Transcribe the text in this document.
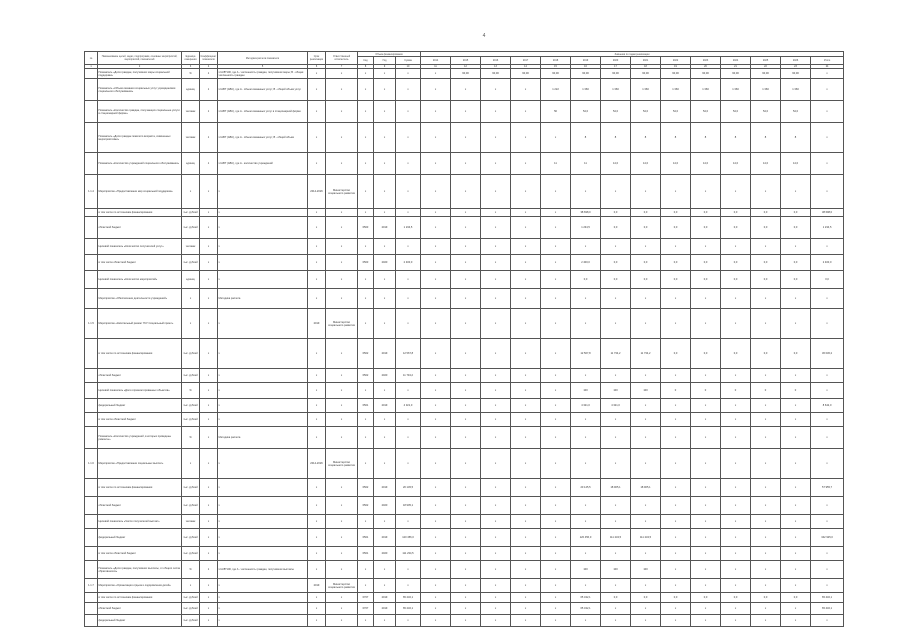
4
№	Наименование целей, задач, подпрограмм, основных мероприятий, мероприятий, показателей	Единица измерения	Коэффициент показателя	Методика расчета показателя	Срок реализации	Ответственный исполнитель	Объем финансирования			Значения по годам реализации													
							Код	Год	Сумма	2014	2015	2016	2017	2018	2019	2020	2021	2022	2023	2024	2025	2026	Итого
1	2	3	4	5	6	7	8	9	10	11	12	13	14	15	16	17	18	19	20	21	22	23	24
	Показатель «Доля граждан, получивших меры социальной поддержки»	%	1	x=A/B*100, где A - численность граждан, получивших меры; B - общая численность граждан	x	x	x	x	x	x	90,00	90,00	90,00	90,00	90,00	90,00	90,00	90,00	90,00	90,00	90,00	90,00	x
	Показатель «Объем оказания социальных услуг учреждениями социального обслуживания»	единиц	1	x=ABT (ABC), где A - объем оказанных услуг; B - общий объем услуг	x	x	x	x	x	x	x	x	x	1 222	1 360	1 360	1 360	1 360	1 360	1 360	1 360	1 360	x
	Показатель «Количество граждан, получающих социальные услуги в стационарной форме»	человек	1	x=ABT (ABC), где A - объем оказанных услуг в стационарной форме	x	x	x	x	x	x	x	x	x	50	54,0	54,0	54,0	54,0	54,0	54,0	54,0	54,0	x
	Показатель «Доля граждан пожилого возраста, охваченных мероприятиями»	человек	1	x=ABT (ABC), где A - объем оказанных услуг; B - общий объем	x	x	x	x	x	x	x	x	x	x	8	8	8	8	8	8	8	8	x
	Показатель «Количество учреждений социального обслуживания»	единиц	1	x=ABT (ABC), где A - количество учреждений	x	x	x	x	x	x	x	x	x	11	11	14,0	14,0	14,0	14,0	14,0	14,0	14,0	x
1.1.4	Мероприятие «Предоставление мер социальной поддержки»	x	x	x	2014-2026	Министерство социального развития	x	x	x	x	x	x	x	x	x	x	x	x	x	x	x	x	x
	в том числе по источникам финансирования	тыс. рублей	x	x	x	x	x	x	x	x	x	x	x	x	38 698,0	0,0	0,0	0,0	0,0	0,0	0,0	0,0	38 698,0
	областной бюджет	тыс. рублей	x	x	x	x	0503	2019	1 234,5	x	x	x	x	x	1 234,5	0,0	0,0	0,0	0,0	0,0	0,0	0,0	1 234,5
	Целевой показатель «Количество получателей услуг»	человек	x	x	x	x	x	x	x	x	x	x	x	x	x	x	x	x	x	x	x	x	x
	в том числе областной бюджет	тыс. рублей	x	x	x	x	0503	2020	2 400,0	x	x	x	x	x	2 400,0	0,0	0,0	0,0	0,0	0,0	0,0	0,0	2 400,0
	Целевой показатель «Количество мероприятий»	единиц	x	x	x	x	x	x	x	x	x	x	x	x	0,0	0,0	0,0	0,0	0,0	0,0	0,0	0,0	0,0
	Мероприятие «Обеспечение деятельности учреждений»	x	x	Методика расчета	x	x	x	x	x	x	x	x	x	x	x	x	x	x	x	x	x	x	x
1.1.5	Мероприятие «Капитальный ремонт ГКУ Социальный приют»	x	x	x	2019	Министерство социального развития	x	x	x	x	x	x	x	x	x	x	x	x	x	x	x	x	x
	в том числе по источникам финансирования	тыс. рублей	x	x	x	x	0502	2019	12 567,8	x	x	x	x	x	12 567,8	11 734,2	11 734,2	0,0	0,0	0,0	0,0	0,0	36 036,2
	областной бюджет	тыс. рублей	x	x	x	x	0502	2020	11 734,2	x	x	x	x	x	x	x	x	x	x	x	x	x	x
	Целевой показатель «Доля отремонтированных объектов»	%	x	x	x	x	x	x	x	x	x	x	x	x	100	100	100	0	0	0	0	0	x
	федеральный бюджет	тыс. рублей	x	x	x	x	0501	2019	4 321,0	x	x	x	x	x	4 321,0	4 321,0	x	x	x	x	x	x	8 642,0
	в том числе областной бюджет	тыс. рублей	x	x	x	x	x	x	x	x	x	x	x	x	x	x	x	x	x	x	x	x	x
	Показатель «Количество учреждений, в которых проведены ремонты»	%	x	Методика расчета	x	x	x	x	x	x	x	x	x	x	x	x	x	x	x	x	x	x	x
1.1.6	Мероприятие «Предоставление социальных выплат»	x	x	x	2014-2026	Министерство социального развития	x	x	x	x	x	x	x	x	x	x	x	x	x	x	x	x	x
	в том числе по источникам финансирования	тыс. рублей	x	x	x	x	0502	2019	20 145,5	x	x	x	x	x	20 145,5	18 905,1	18 905,1	x	x	x	x	x	57 955,7
	областной бюджет	тыс. рублей	x	x	x	x	0502	2020	18 905,1	x	x	x	x	x	x	x	x	x	x	x	x	x	x
	Целевой показатель «Число получателей выплат»	человек	x	x	x	x	x	x	x	x	x	x	x	x	x	x	x	x	x	x	x	x	x
	федеральный бюджет	тыс. рублей	x	x	x	x	0501	2019	120 456,0	x	x	x	x	x	120 456,0	111 234,5	111 234,5	x	x	x	x	x	342 925,0
	в том числе областной бюджет	тыс. рублей	x	x	x	x	0501	2020	111 234,5	x	x	x	x	x	x	x	x	x	x	x	x	x	x
	Показатель «Доля граждан, получивших выплаты, от общего числа обратившихся»	%	1	x=A/B*100, где A - численность граждан, получивших выплаты	x	x	x	x	x	x	x	x	x	x	100	100	100	x	x	x	x	x	x
1.1.7	Мероприятие «Организация отдыха и оздоровления детей»	x	x	x	2019	Министерство социального развития	x	x	x	x	x	x	x	x	x	x	x	x	x	x	x	x	x
	в том числе по источникам финансирования	тыс. рублей	x	x	x	x	0707	2019	65 432,1	x	x	x	x	x	65 432,1	0,0	0,0	0,0	0,0	0,0	0,0	0,0	65 432,1
	областной бюджет	тыс. рублей	x	x	x	x	0707	2019	65 432,1	x	x	x	x	x	65 432,1	x	x	x	x	x	x	x	65 432,1
	федеральный бюджет	тыс. рублей	x	x	x	x	x	x	x	x	x	x	x	x	x	x	x	x	x	x	x	x	x
